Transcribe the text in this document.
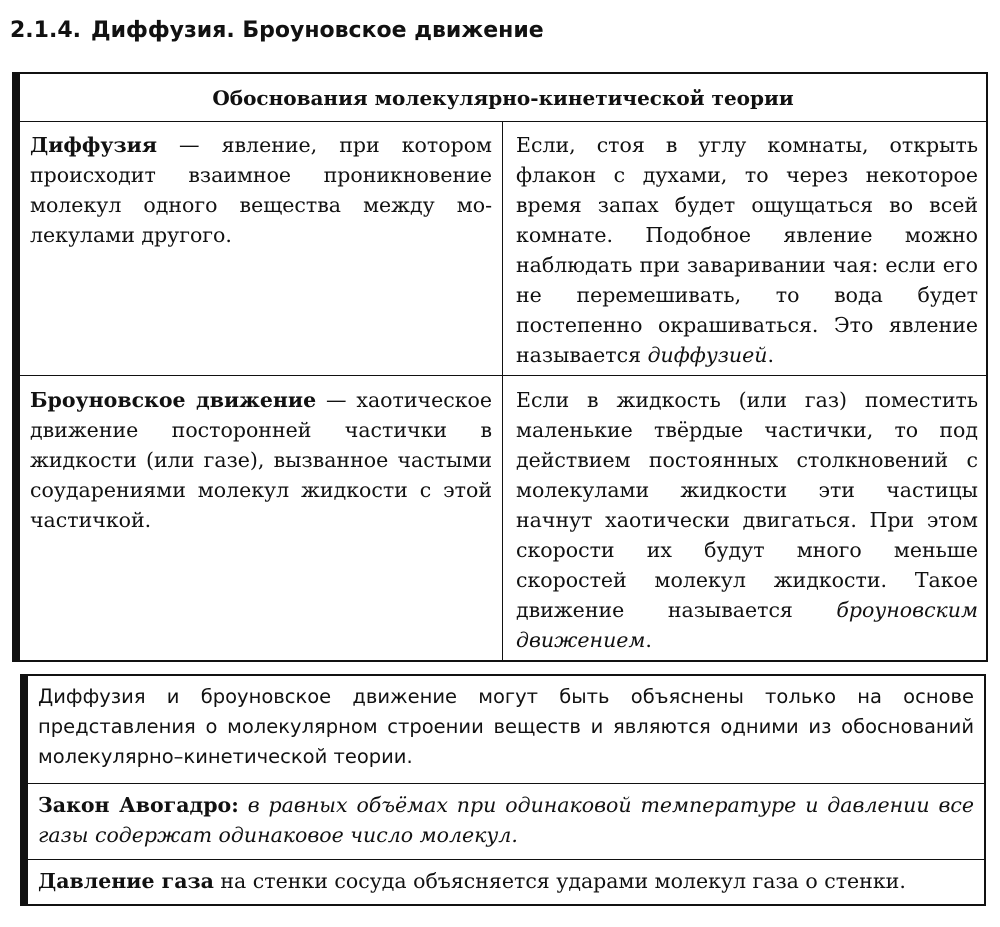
2.1.4. Диффузия. Броуновское движение
Обоснования молекулярно-кинетической теории
Диффузия — явление, при котором происходит взаимное проникновение молекул одного вещества между молекулами другого.
Если, стоя в углу комнаты, открыть флакон с духами, то через некоторое время запах будет ощущаться во всей комнате. Подобное явление можно наблюдать при заваривании чая: если его не перемешивать, то вода будет постепенно окрашиваться. Это явление называется диффузией.
Броуновское движение — хаотическое движение посторонней частички в жидкости (или газе), вызванное частыми соударениями молекул жидкости с этой частичкой.
Если в жидкость (или газ) поместить маленькие твёрдые частички, то под действием постоянных столкновений с молекулами жидкости эти частицы начнут хаотически двигаться. При этом скорости их будут много меньше скоростей молекул жидкости. Такое движение называется броуновским движением.
Диффузия и броуновское движение могут быть объяснены только на основе представления о молекулярном строении веществ и являются одними из обоснований молекулярно–кинетической теории.
Закон Авогадро: в равных объёмах при одинаковой температуре и давлении все газы содержат одинаковое число молекул.
Давление газа на стенки сосуда объясняется ударами молекул газа о стенки.
